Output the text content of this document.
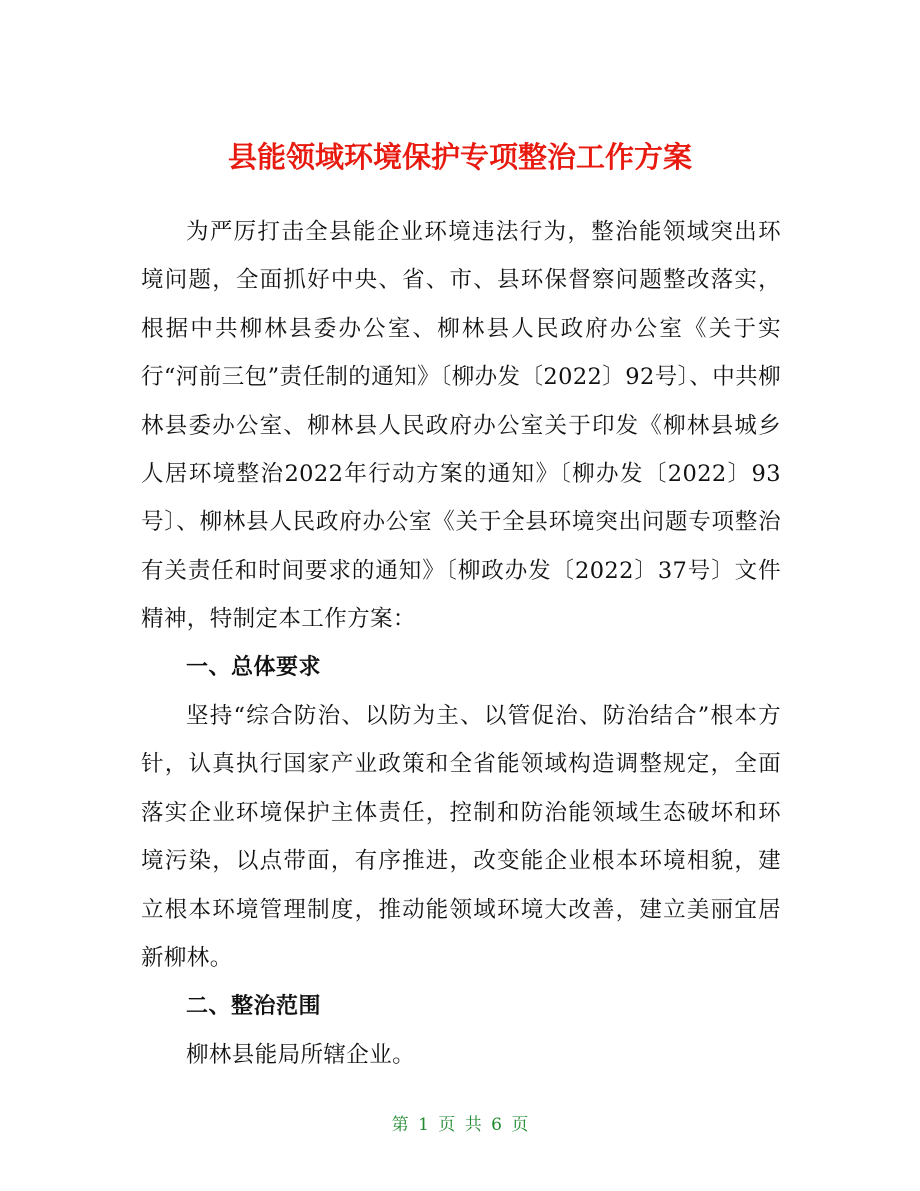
县能领域环境保护专项整治工作方案

为严厉打击全县能企业环境违法行为，整治能领域突出环境问题，全面抓好中央、省、市、县环保督察问题整改落实，根据中共柳林县委办公室、柳林县人民政府办公室《关于实行“河前三包”责任制的通知》〔柳办发〔2022〕92号〕、中共柳林县委办公室、柳林县人民政府办公室关于印发《柳林县城乡人居环境整治2022年行动方案的通知》〔柳办发〔2022〕93号〕、柳林县人民政府办公室《关于全县环境突出问题专项整治有关责任和时间要求的通知》〔柳政办发〔2022〕37号〕文件精神，特制定本工作方案：

一、总体要求

坚持“综合防治、以防为主、以管促治、防治结合”根本方针，认真执行国家产业政策和全省能领域构造调整规定，全面落实企业环境保护主体责任，控制和防治能领域生态破坏和环境污染，以点带面，有序推进，改变能企业根本环境相貌，建立根本环境管理制度，推动能领域环境大改善，建立美丽宜居新柳林。

二、整治范围

柳林县能局所辖企业。

第 1 页 共 6 页
